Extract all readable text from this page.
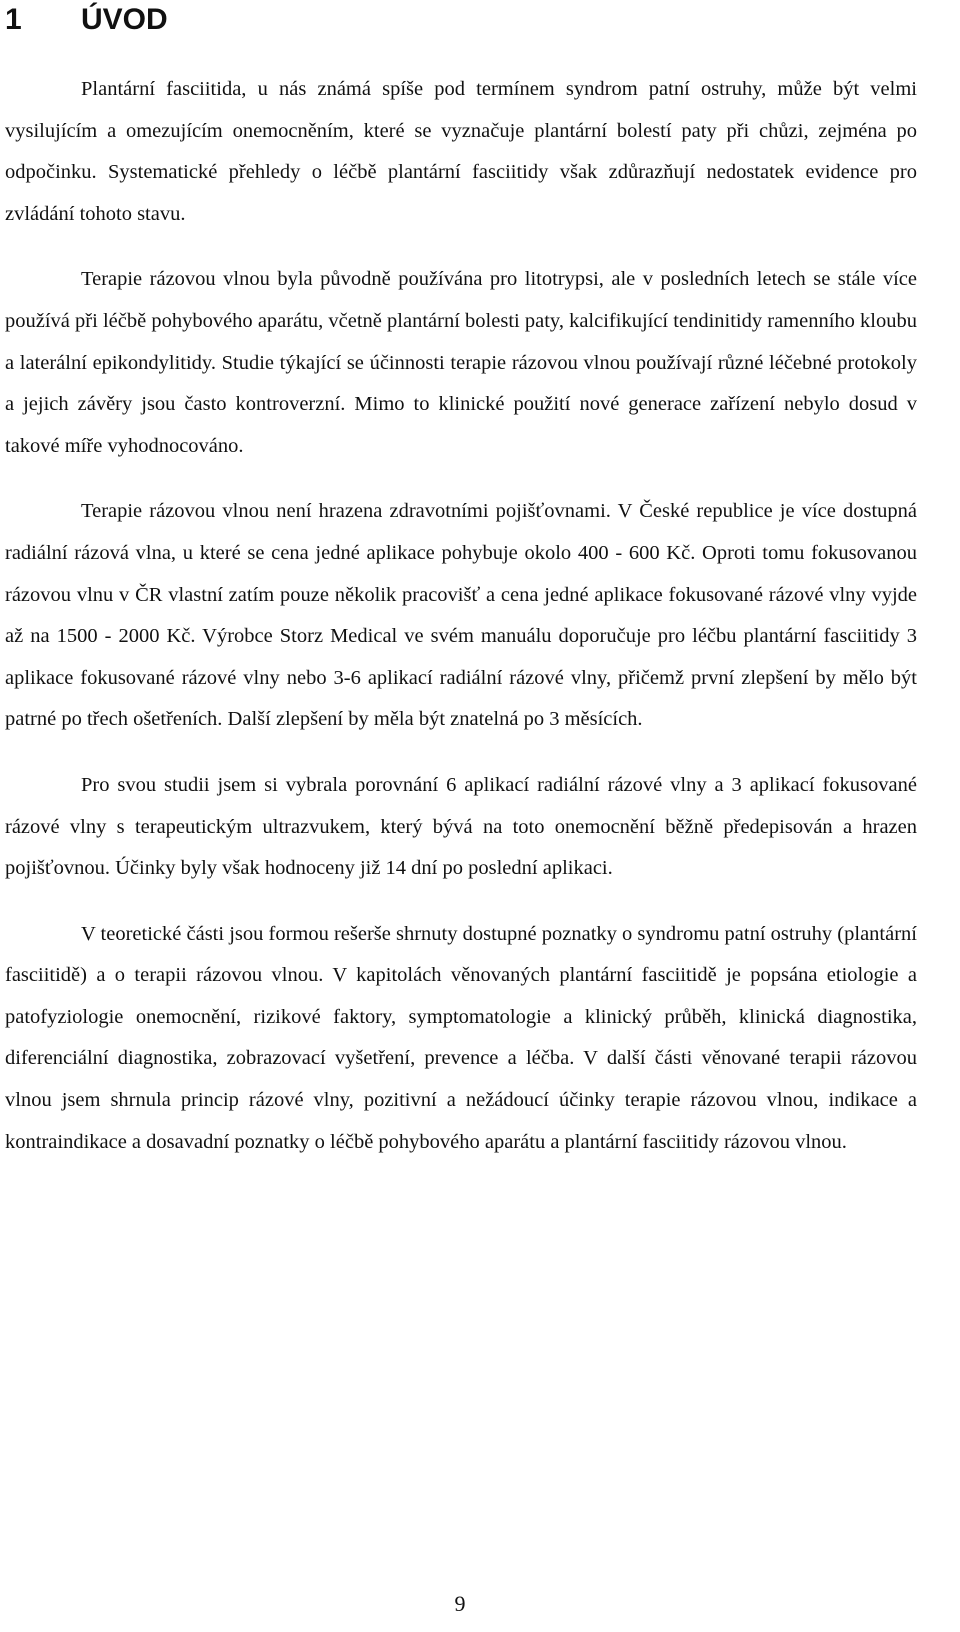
1 ÚVOD

Plantární fasciitida, u nás známá spíše pod termínem syndrom patní ostruhy, může být velmi vysilujícím a omezujícím onemocněním, které se vyznačuje plantární bolestí paty při chůzi, zejména po odpočinku. Systematické přehledy o léčbě plantární fasciitidy však zdůrazňují nedostatek evidence pro zvládání tohoto stavu.

Terapie rázovou vlnou byla původně používána pro litotrypsi, ale v posledních letech se stále více používá při léčbě pohybového aparátu, včetně plantární bolesti paty, kalcifikující tendinitidy ramenního kloubu a laterální epikondylitidy. Studie týkající se účinnosti terapie rázovou vlnou používají různé léčebné protokoly a jejich závěry jsou často kontroverzní. Mimo to klinické použití nové generace zařízení nebylo dosud v takové míře vyhodnocováno.

Terapie rázovou vlnou není hrazena zdravotními pojišťovnami. V České republice je více dostupná radiální rázová vlna, u které se cena jedné aplikace pohybuje okolo 400 - 600 Kč. Oproti tomu fokusovanou rázovou vlnu v ČR vlastní zatím pouze několik pracovišť a cena jedné aplikace fokusované rázové vlny vyjde až na 1500 - 2000 Kč. Výrobce Storz Medical ve svém manuálu doporučuje pro léčbu plantární fasciitidy 3 aplikace fokusované rázové vlny nebo 3-6 aplikací radiální rázové vlny, přičemž první zlepšení by mělo být patrné po třech ošetřeních. Další zlepšení by měla být znatelná po 3 měsících.

Pro svou studii jsem si vybrala porovnání 6 aplikací radiální rázové vlny a 3 aplikací fokusované rázové vlny s terapeutickým ultrazvukem, který bývá na toto onemocnění běžně předepisován a hrazen pojišťovnou. Účinky byly však hodnoceny již 14 dní po poslední aplikaci.

V teoretické části jsou formou rešerše shrnuty dostupné poznatky o syndromu patní ostruhy (plantární fasciitidě) a o terapii rázovou vlnou. V kapitolách věnovaných plantární fasciitidě je popsána etiologie a patofyziologie onemocnění, rizikové faktory, symptomatologie a klinický průběh, klinická diagnostika, diferenciální diagnostika, zobrazovací vyšetření, prevence a léčba. V další části věnované terapii rázovou vlnou jsem shrnula princip rázové vlny, pozitivní a nežádoucí účinky terapie rázovou vlnou, indikace a kontraindikace a dosavadní poznatky o léčbě pohybového aparátu a plantární fasciitidy rázovou vlnou.

9
